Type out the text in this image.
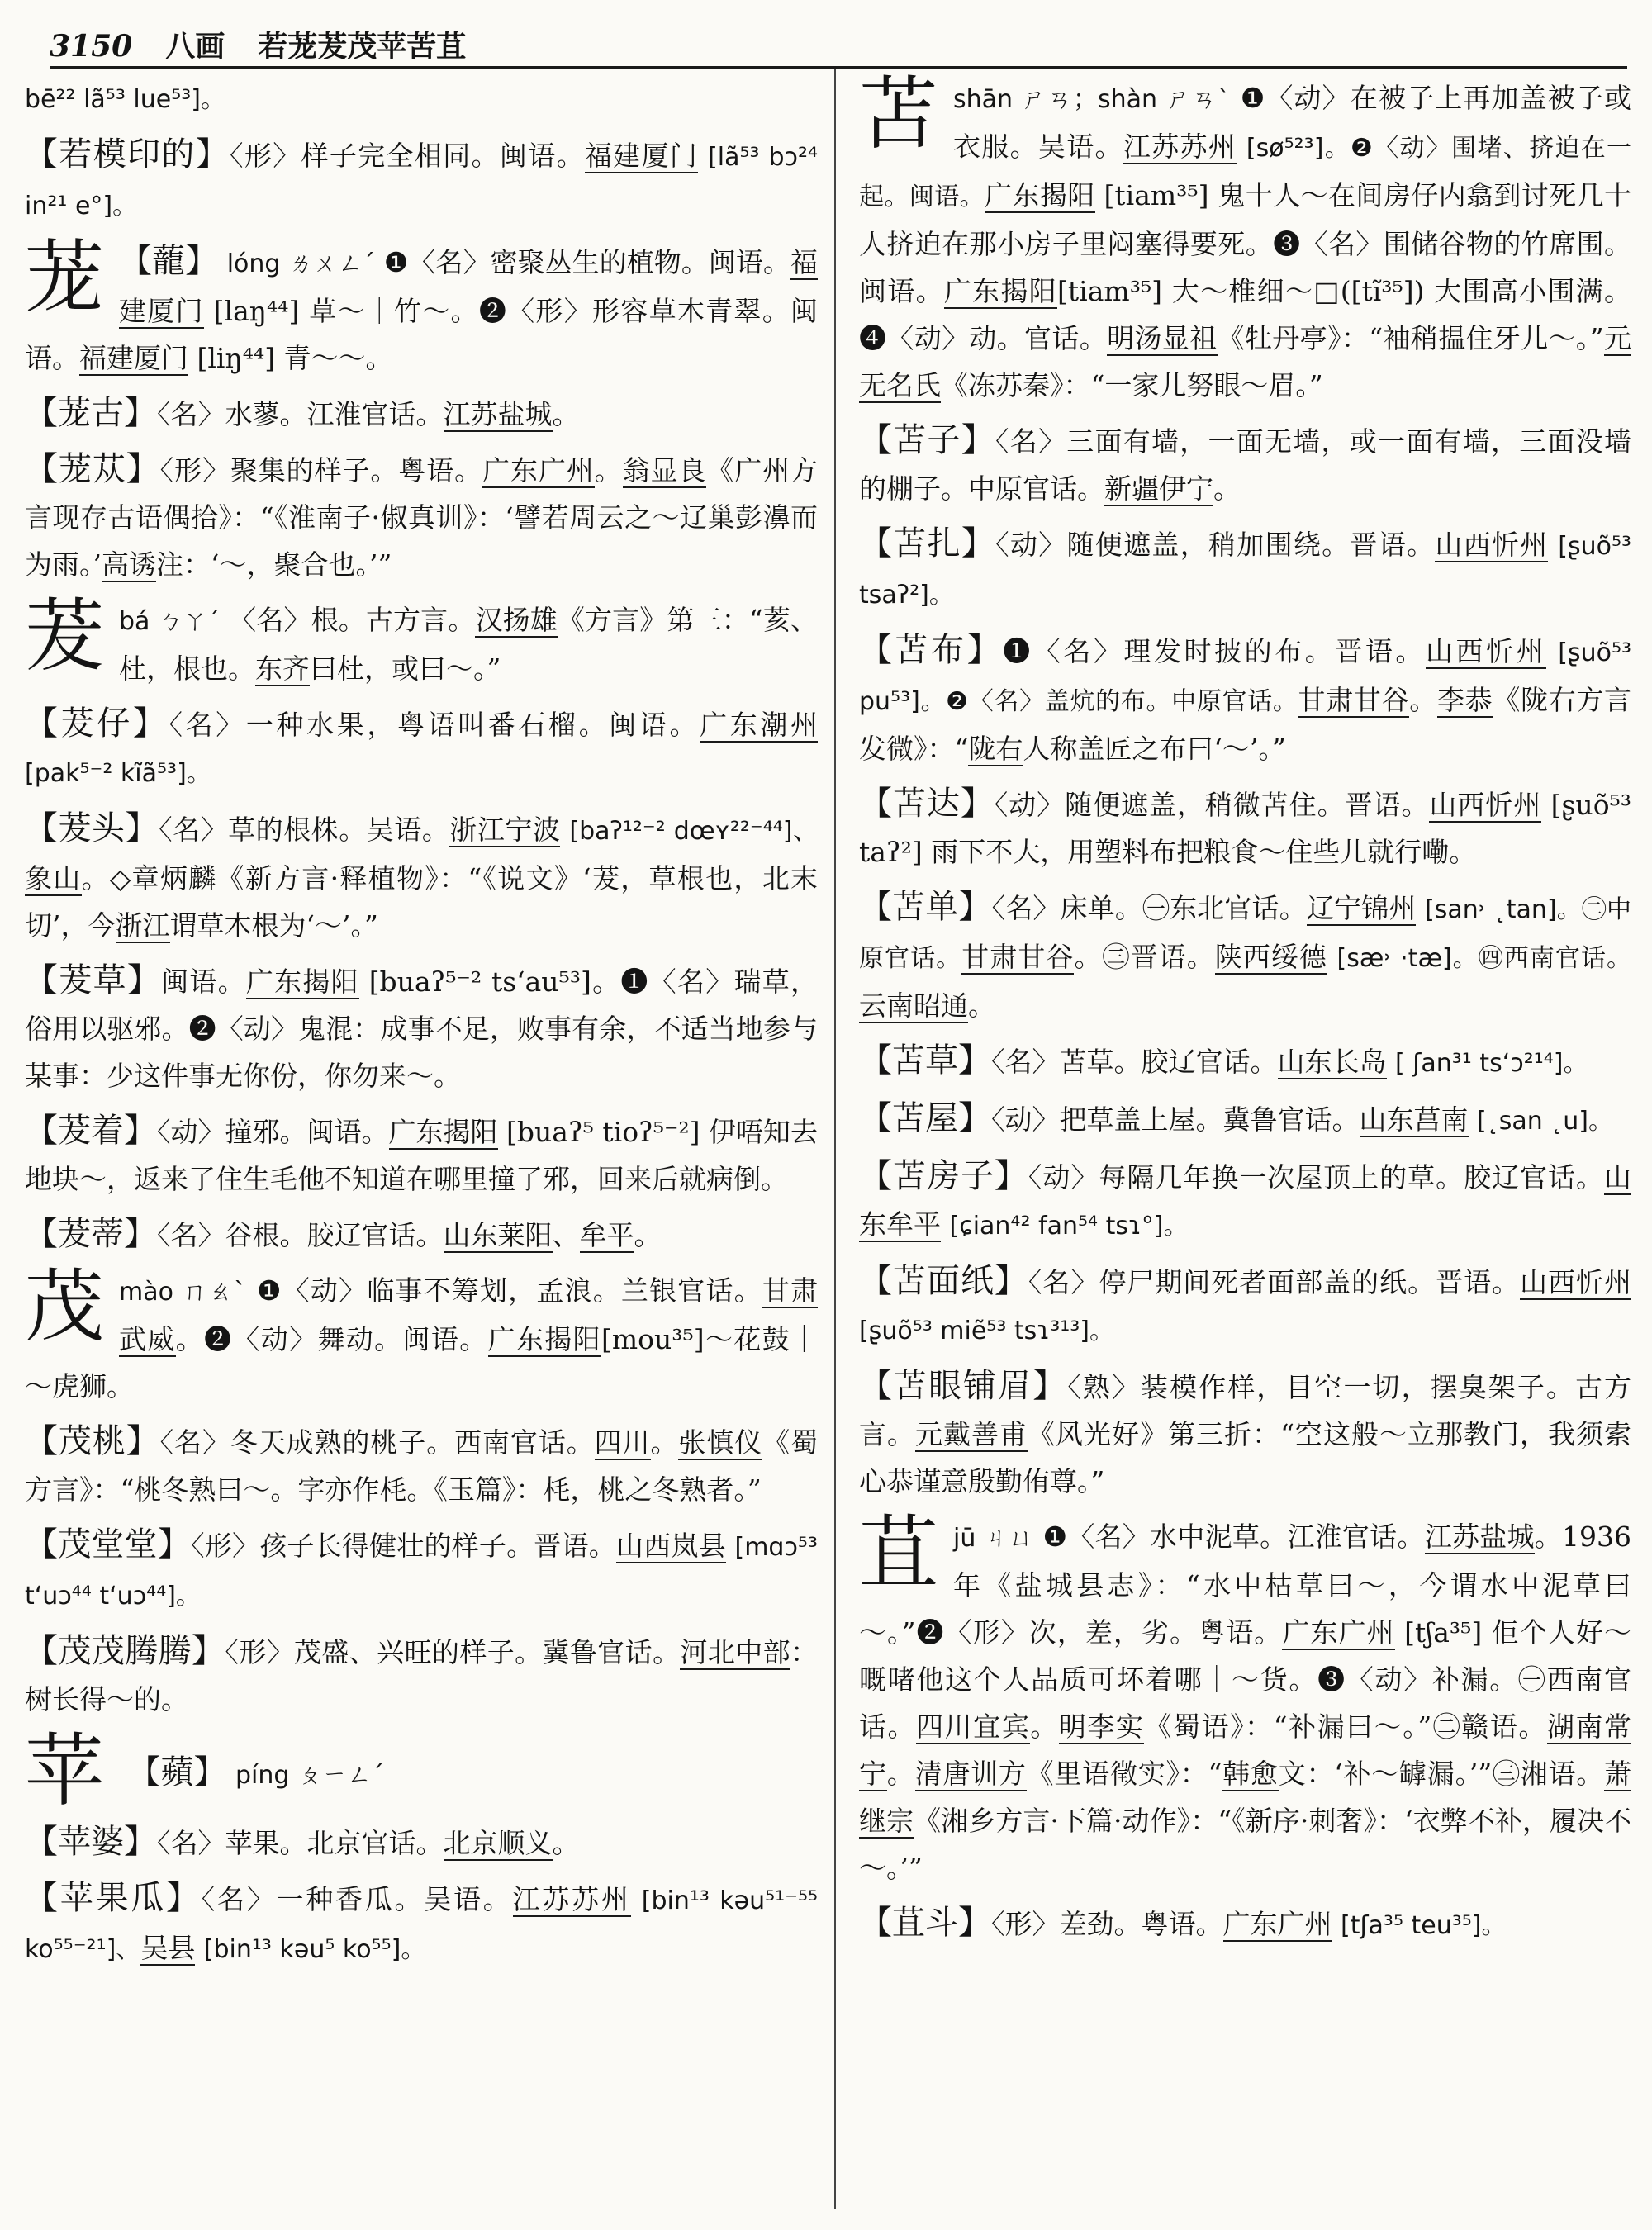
3150 八画 若茏茇茂苹苦苴

bē²² lã⁵³ lue⁵³]。

【若模印的】〈形〉样子完全相同。闽语。福建厦门 [lã⁵³ bɔ²⁴ in²¹ e°]。

茏 【蘢】 lóng ㄌㄨㄥˊ ❶〈名〉密聚丛生的植物。闽语。福建厦门 [laŋ⁴⁴] 草～｜竹～。❷〈形〉形容草木青翠。闽语。福建厦门 [liŋ⁴⁴] 青～～。

【茏古】〈名〉水蓼。江淮官话。江苏盐城。

【茏苁】〈形〉聚集的样子。粤语。广东广州。翁显良《广州方言现存古语偶拾》：“《淮南子·俶真训》：‘譬若周云之～辽巢彭濞而为雨。’高诱注：‘～，聚合也。’”

茇 bá ㄅㄚˊ 〈名〉根。古方言。汉扬雄《方言》第三：“荄、杜，根也。东齐曰杜，或曰～。”

【茇仔】〈名〉一种水果，粤语叫番石榴。闽语。广东潮州 [pak⁵⁻² kĩã⁵³]。

【茇头】〈名〉草的根株。吴语。浙江宁波 [baʔ¹²⁻² dœʏ²²⁻⁴⁴]、象山。◇章炳麟《新方言·释植物》：“《说文》‘茇，草根也，北末切’，今浙江谓草木根为‘～’。”

【茇草】闽语。广东揭阳 [buaʔ⁵⁻² ts‘au⁵³]。❶〈名〉瑞草，俗用以驱邪。❷〈动〉鬼混：成事不足，败事有余，不适当地参与某事：少这件事无你份，你勿来～。

【茇着】〈动〉撞邪。闽语。广东揭阳 [buaʔ⁵ tioʔ⁵⁻²] 伊唔知去地块～，返来了住生毛他不知道在哪里撞了邪，回来后就病倒。

【茇蒂】〈名〉谷根。胶辽官话。山东莱阳、牟平。

茂 mào ㄇㄠˋ ❶〈动〉临事不筹划，孟浪。兰银官话。甘肃武威。❷〈动〉舞动。闽语。广东揭阳[mou³⁵]～花鼓｜～虎狮。

【茂桃】〈名〉冬天成熟的桃子。西南官话。四川。张慎仪《蜀方言》：“桃冬熟曰～。字亦作枆。《玉篇》：枆，桃之冬熟者。”

【茂堂堂】〈形〉孩子长得健壮的样子。晋语。山西岚县 [mɑɔ⁵³ t‘uɔ⁴⁴ t‘uɔ⁴⁴]。

【茂茂腾腾】〈形〉茂盛、兴旺的样子。冀鲁官话。河北中部：树长得～的。

苹 【蘋】 píng ㄆㄧㄥˊ

【苹婆】〈名〉苹果。北京官话。北京顺义。

【苹果瓜】〈名〉一种香瓜。吴语。江苏苏州 [bin¹³ kəu⁵¹⁻⁵⁵ ko⁵⁵⁻²¹]、吴县 [bin¹³ kəu⁵ ko⁵⁵]。

苫 shān ㄕㄢ；shàn ㄕㄢˋ ❶〈动〉在被子上再加盖被子或衣服。吴语。江苏苏州 [sø⁵²³]。❷〈动〉围堵、挤迫在一起。闽语。广东揭阳 [tiam³⁵] 鬼十人～在间房仔内翕到讨死几十人挤迫在那小房子里闷塞得要死。❸〈名〉围储谷物的竹席围。闽语。广东揭阳[tiam³⁵] 大～椎细～□([tĩ³⁵]) 大围高小围满。❹〈动〉动。官话。明汤显祖《牡丹亭》：“袖稍揾住牙儿～。”元无名氏《冻苏秦》：“一家儿努眼～眉。”

【苫子】〈名〉三面有墙，一面无墙，或一面有墙，三面没墙的棚子。中原官话。新疆伊宁。

【苫扎】〈动〉随便遮盖，稍加围绕。晋语。山西忻州 [ʂuõ⁵³ tsaʔ²]。

【苫布】❶〈名〉理发时披的布。晋语。山西忻州 [ʂuõ⁵³ pu⁵³]。❷〈名〉盖炕的布。中原官话。甘肃甘谷。李恭《陇右方言发微》：“陇右人称盖匠之布曰‘～’。”

【苫达】〈动〉随便遮盖，稍微苫住。晋语。山西忻州 [ʂuõ⁵³ taʔ²] 雨下不大，用塑料布把粮食～住些儿就行嘞。

【苫单】〈名〉床单。㊀东北官话。辽宁锦州 [san˒ ˛tan]。㊁中原官话。甘肃甘谷。㊂晋语。陕西绥德 [sæ˒ ·tæ]。㊃西南官话。云南昭通。

【苫草】〈名〉苫草。胶辽官话。山东长岛 [ ʃan³¹ ts‘ɔ²¹⁴]。

【苫屋】〈动〉把草盖上屋。冀鲁官话。山东莒南 [˛san ˛u]。

【苫房子】〈动〉每隔几年换一次屋顶上的草。胶辽官话。山东牟平 [ɕian⁴² fan⁵⁴ tsɿ°]。

【苫面纸】〈名〉停尸期间死者面部盖的纸。晋语。山西忻州 [ʂuõ⁵³ miẽ⁵³ tsɿ³¹³]。

【苫眼铺眉】〈熟〉装模作样，目空一切，摆臭架子。古方言。元戴善甫《风光好》第三折：“空这般～立那教门，我须索心恭谨意殷勤侑尊。”

苴 jū ㄐㄩ ❶〈名〉水中泥草。江淮官话。江苏盐城。1936年《盐城县志》：“水中枯草曰～，今谓水中泥草曰～。”❷〈形〉次，差，劣。粤语。广东广州 [tʃa³⁵] 佢个人好～嘅啫他这个人品质可坏着哪｜～货。❸〈动〉补漏。㊀西南官话。四川宜宾。明李实《蜀语》：“补漏曰～。”㊁赣语。湖南常宁。清唐训方《里语徵实》：“韩愈文：‘补～罅漏。’”㊂湘语。萧继宗《湘乡方言·下篇·动作》：“《新序·刺奢》：‘衣弊不补，履决不～。’”

【苴斗】〈形〉差劲。粤语。广东广州 [tʃa³⁵ teu³⁵]。
